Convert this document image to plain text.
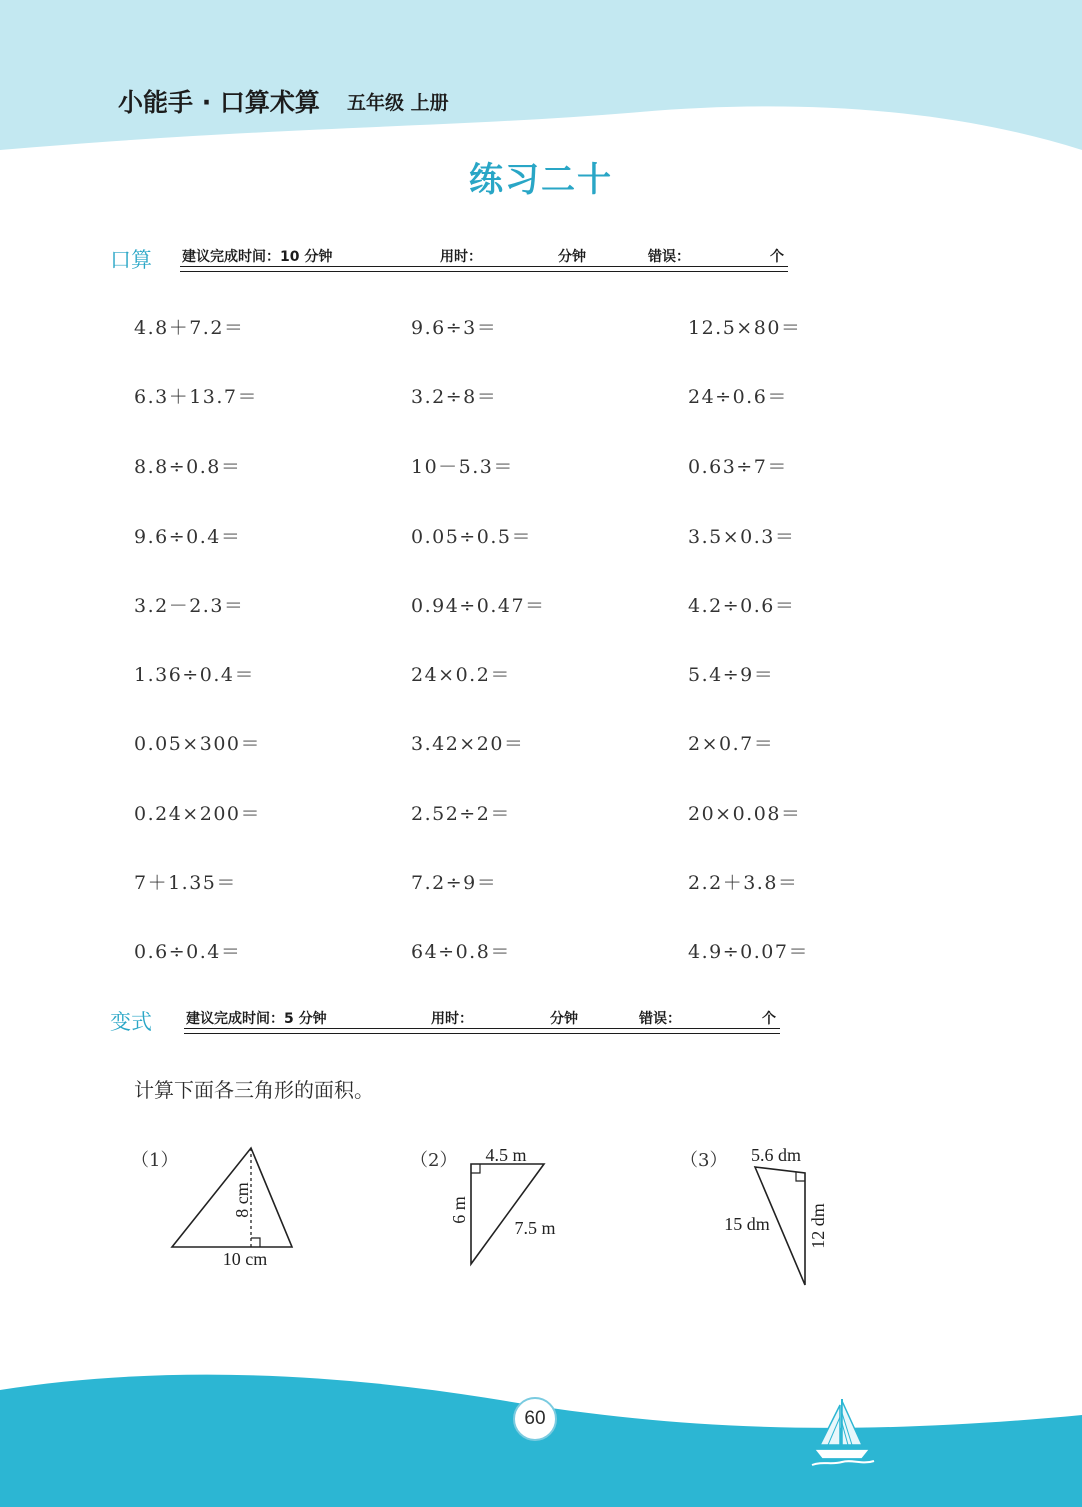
小能手 · 口算术算 五年级 上册
练习二十
口算 建议完成时间：10 分钟	用时：	分钟	错误：	个
4.8＋7.2＝	9.6÷3＝	12.5×80＝
6.3＋13.7＝	3.2÷8＝	24÷0.6＝
8.8÷0.8＝	10－5.3＝	0.63÷7＝
9.6÷0.4＝	0.05÷0.5＝	3.5×0.3＝
3.2－2.3＝	0.94÷0.47＝	4.2÷0.6＝
1.36÷0.4＝	24×0.2＝	5.4÷9＝
0.05×300＝	3.42×20＝	2×0.7＝
0.24×200＝	2.52÷2＝	20×0.08＝
7＋1.35＝	7.2÷9＝	2.2＋3.8＝
0.6÷0.4＝	64÷0.8＝	4.9÷0.07＝
变式 建议完成时间：5 分钟	用时：	分钟	错误：	个
计算下面各三角形的面积。
（1）
8 cm
10 cm
（2） 4.5 m
6 m
7.5 m
（3） 5.6 dm
15 dm 12 dm
60
